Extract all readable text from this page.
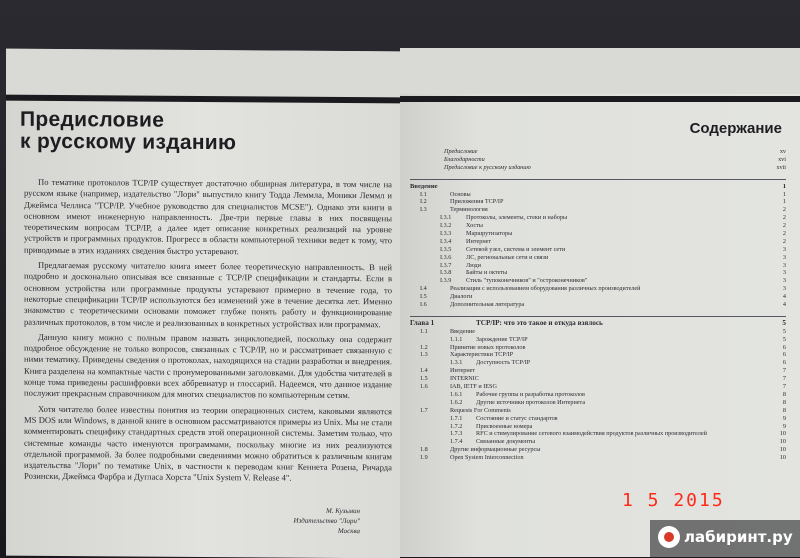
Предисловие
к русскому изданию

По тематике протоколов TCP/IP существует достаточно обширная литература, в том числе на русском языке (например, издательство "Лори" выпустило книгу Тодда Леммла, Моники Леммл и Джеймса Челлиса "TCP/IP. Учебное руководство для специалистов MCSE"). Однако эти книги в основном имеют инженерную направленность. Две-три первые главы в них посвящены теоретическим вопросам TCP/IP, а далее идет описание конкретных реализаций на уровне устройств и программных продуктов. Прогресс в области компьютерной техники ведет к тому, что приводимые в этих изданиях сведения быстро устаревают.

Предлагаемая русскому читателю книга имеет более теоретическую направленность. В ней подробно и досконально описывая все связанные с TCP/IP спецификации и стандарты. Если в основном устройства или программные продукты устаревают примерно в течение года, то некоторые спецификации TCP/IP используются без изменений уже в течение десятка лет. Именно знакомство с теоретическими основами поможет глубже понять работу и функционирование различных протоколов, в том числе и реализованных в конкретных устройствах или программах.

Данную книгу можно с полным правом назвать энциклопедией, поскольку она содержит подробное обсуждение не только вопросов, связанных с TCP/IP, но и рассматривает связанную с ними тематику. Приведены сведения о протоколах, находящихся на стадии разработки и внедрения. Книга разделена на компактные части с пронумерованными заголовками. Для удобства читателей в конце тома приведены расшифровки всех аббревиатур и глоссарий. Надеемся, что данное издание послужит прекрасным справочником для многих специалистов по компьютерным сетям.

Хотя читателю более известны понятия из теории операционных систем, каковыми являются MS DOS или Windows, в данной книге в основном рассматриваются примеры из Unix. Мы не стали комментировать специфику стандартных средств этой операционной системы. Заметим только, что системные команды часто именуются программами, поскольку многие из них реализуются отдельной программой. За более подробными сведениями можно обратиться к различным книгам издательства "Лори" по тематике Unix, в частности к переводам книг Кеннета Розена, Ричарда Розински, Джеймса Фарбра и Дугласа Хорста "Unix System V. Release 4".

М. Кузьмин
Издательство "Лори"
Москва
Содержание
Предисловие	xv
Благодарности	xvi
Предисловие к русскому изданию	xvii
Введение	1
I.1	Основы	1
I.2	Приложения TCP/IP	1
I.3	Терминология	2
I.3.1 Протоколы, элементы, стеки и наборы	2
I.3.2 Хосты	2
I.3.3 Маршрутизаторы	2
I.3.4 Интернет	2
I.3.5 Сетевой узел, система и элемент сети	3
I.3.6 ЛС, региональные сети и связи	3
I.3.7 Люди	3
I.3.8 Байты и октеты	3
I.3.9 Стиль "тупоконечников" и "остроконечников"	3
I.4	Реализации с использованием оборудования различных производителей	3
I.5	Диалоги	4
I.6	Дополнительная литература	4
Глава 1	TCP/IP: что это такое и откуда взялось	5
1.1	Введение	5
1.1.1 Зарождение TCP/IP	5
1.2	Принятие новых протоколов	6
1.3	Характеристики TCP/IP	6
1.3.1 Доступность TCP/IP	6
1.4	Интернет	7
1.5	INTERNIC	7
1.6	IAB, IETF и IESG	7
1.6.1 Рабочие группы и разработка протоколов	8
1.6.2 Другие источники протоколов Интернета	8
1.7	Requests For Comments	8
1.7.1 Состояние и статус стандартов	9
1.7.2 Присвоенные номера	9
1.7.3 RFC и стимулирование сетевого взаимодействия продуктов различных производителей	10
1.7.4 Связанные документы	10
1.8	Другие информационные ресурсы	10
1.9	Open System Interconnection	10
1 5 2015
лабиринт.ру
